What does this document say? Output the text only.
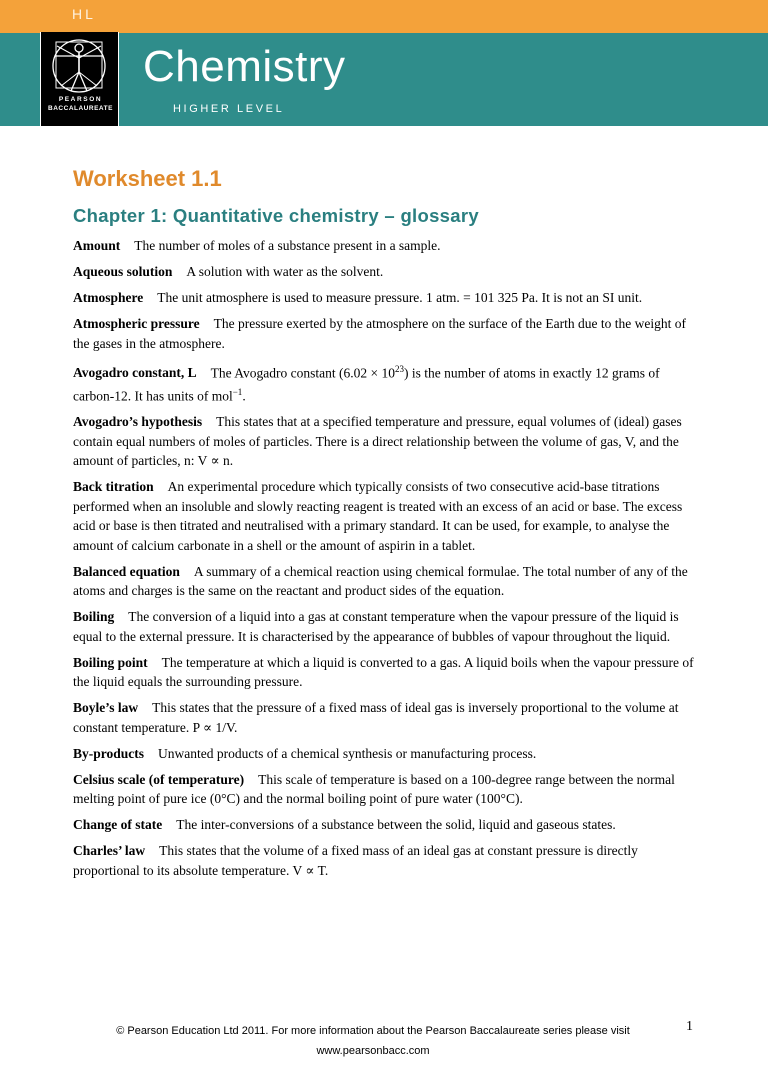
HL
PEARSON
BACCALAUREATE
Chemistry
HIGHER LEVEL
Worksheet 1.1
Chapter 1: Quantitative chemistry – glossary

Amount The number of moles of a substance present in a sample.

Aqueous solution A solution with water as the solvent.

Atmosphere The unit atmosphere is used to measure pressure. 1 atm. = 101 325 Pa. It is not an SI unit.

Atmospheric pressure The pressure exerted by the atmosphere on the surface of the Earth due to the weight of the gases in the atmosphere.

Avogadro constant, L The Avogadro constant $(6.02 \times 10^{23})$ is the number of atoms in exactly 12 grams of carbon-12. It has units of mol$^{-1}$.

Avogadro’s hypothesis This states that at a specified temperature and pressure, equal volumes of (ideal) gases contain equal numbers of moles of particles. There is a direct relationship between the volume of gas, V, and the amount of particles, n: V ∝ n.

Back titration An experimental procedure which typically consists of two consecutive acid-base titrations performed when an insoluble and slowly reacting reagent is treated with an excess of an acid or base. The excess acid or base is then titrated and neutralised with a primary standard. It can be used, for example, to analyse the amount of calcium carbonate in a shell or the amount of aspirin in a tablet.

Balanced equation A summary of a chemical reaction using chemical formulae. The total number of any of the atoms and charges is the same on the reactant and product sides of the equation.

Boiling The conversion of a liquid into a gas at constant temperature when the vapour pressure of the liquid is equal to the external pressure. It is characterised by the appearance of bubbles of vapour throughout the liquid.

Boiling point The temperature at which a liquid is converted to a gas. A liquid boils when the vapour pressure of the liquid equals the surrounding pressure.

Boyle’s law This states that the pressure of a fixed mass of ideal gas is inversely proportional to the volume at constant temperature. P ∝ 1/V.

By-products Unwanted products of a chemical synthesis or manufacturing process.

Celsius scale (of temperature) This scale of temperature is based on a 100-degree range between the normal melting point of pure ice (0°C) and the normal boiling point of pure water (100°C).

Change of state The inter-conversions of a substance between the solid, liquid and gaseous states.

Charles’ law This states that the volume of a fixed mass of an ideal gas at constant pressure is directly proportional to its absolute temperature. V ∝ T.

© Pearson Education Ltd 2011. For more information about the Pearson Baccalaureate series please visit
www.pearsonbacc.com
1
